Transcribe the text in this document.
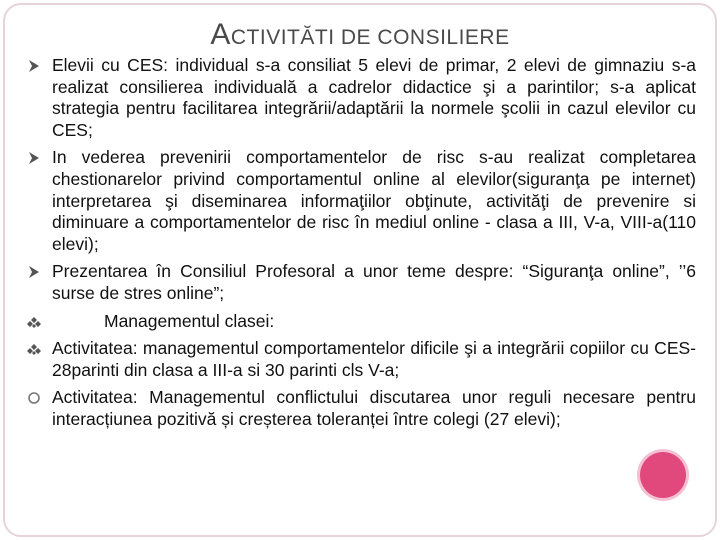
ACTIVITĂTI DE CONSILIERE
Elevii cu CES: individual s-a consiliat 5 elevi de primar, 2 elevi de gimnaziu s-a realizat consilierea individuală a cadrelor didactice şi a parintilor; s-a aplicat strategia pentru facilitarea integrării/adaptării la normele şcolii in cazul elevilor cu CES;
In vederea prevenirii comportamentelor de risc s-au realizat completarea chestionarelor privind comportamentul online al elevilor(siguranţa pe internet) interpretarea şi diseminarea informaţiilor obţinute, activităţi de prevenire si diminuare a comportamentelor de risc în mediul online - clasa a III, V-a, VIII-a(110 elevi);
Prezentarea în Consiliul Profesoral a unor teme despre: “Siguranţa online”, ’’6 surse de stres online”;
Managementul clasei:
Activitatea: managementul comportamentelor dificile şi a integrării copiilor cu CES- 28parinti din clasa a III-a si 30 parinti cls V-a;
Activitatea: Managementul conflictului discutarea unor reguli necesare pentru interacțiunea pozitivă și creșterea toleranței între colegi (27 elevi);
